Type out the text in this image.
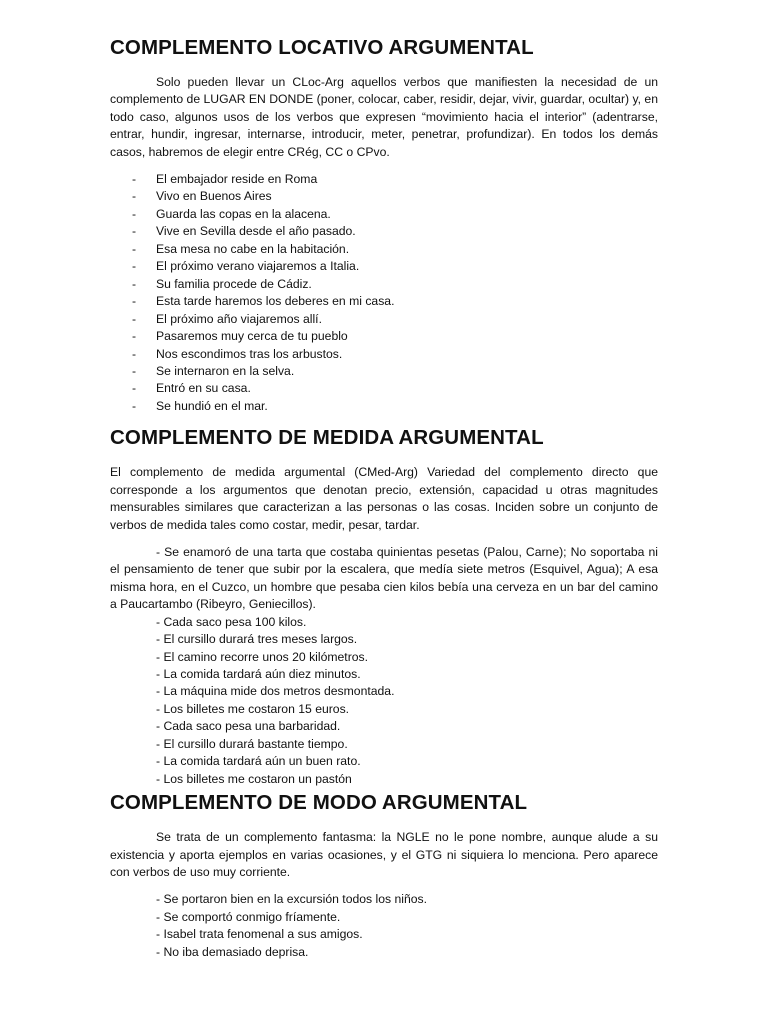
COMPLEMENTO LOCATIVO ARGUMENTAL

Solo pueden llevar un CLoc-Arg aquellos verbos que manifiesten la necesidad de un complemento de LUGAR EN DONDE (poner, colocar, caber, residir, dejar, vivir, guardar, ocultar) y, en todo caso, algunos usos de los verbos que expresen “movimiento hacia el interior” (adentrarse, entrar, hundir, ingresar, internarse, introducir, meter, penetrar, profundizar). En todos los demás casos, habremos de elegir entre CRég, CC o CPvo.

- El embajador reside en Roma
- Vivo en Buenos Aires
- Guarda las copas en la alacena.
- Vive en Sevilla desde el año pasado.
- Esa mesa no cabe en la habitación.
- El próximo verano viajaremos a Italia.
- Su familia procede de Cádiz.
- Esta tarde haremos los deberes en mi casa.
- El próximo año viajaremos allí.
- Pasaremos muy cerca de tu pueblo
- Nos escondimos tras los arbustos.
- Se internaron en la selva.
- Entró en su casa.
- Se hundió en el mar.
COMPLEMENTO DE MEDIDA ARGUMENTAL

El complemento de medida argumental (CMed-Arg) Variedad del complemento directo que corresponde a los argumentos que denotan precio, extensión, capacidad u otras magnitudes mensurables similares que caracterizan a las personas o las cosas. Inciden sobre un conjunto de verbos de medida tales como costar, medir, pesar, tardar.

- Se enamoró de una tarta que costaba quinientas pesetas (Palou, Carne); No soportaba ni el pensamiento de tener que subir por la escalera, que medía siete metros (Esquivel, Agua); A esa misma hora, en el Cuzco, un hombre que pesaba cien kilos bebía una cerveza en un bar del camino a Paucartambo (Ribeyro, Geniecillos).

- Cada saco pesa 100 kilos.
- El cursillo durará tres meses largos.
- El camino recorre unos 20 kilómetros.
- La comida tardará aún diez minutos.
- La máquina mide dos metros desmontada.
- Los billetes me costaron 15 euros.
- Cada saco pesa una barbaridad.
- El cursillo durará bastante tiempo.
- La comida tardará aún un buen rato.
- Los billetes me costaron un pastón
COMPLEMENTO DE MODO ARGUMENTAL

Se trata de un complemento fantasma: la NGLE no le pone nombre, aunque alude a su existencia y aporta ejemplos en varias ocasiones, y el GTG ni siquiera lo menciona. Pero aparece con verbos de uso muy corriente.

- Se portaron bien en la excursión todos los niños.
- Se comportó conmigo fríamente.
- Isabel trata fenomenal a sus amigos.
- No iba demasiado deprisa.
